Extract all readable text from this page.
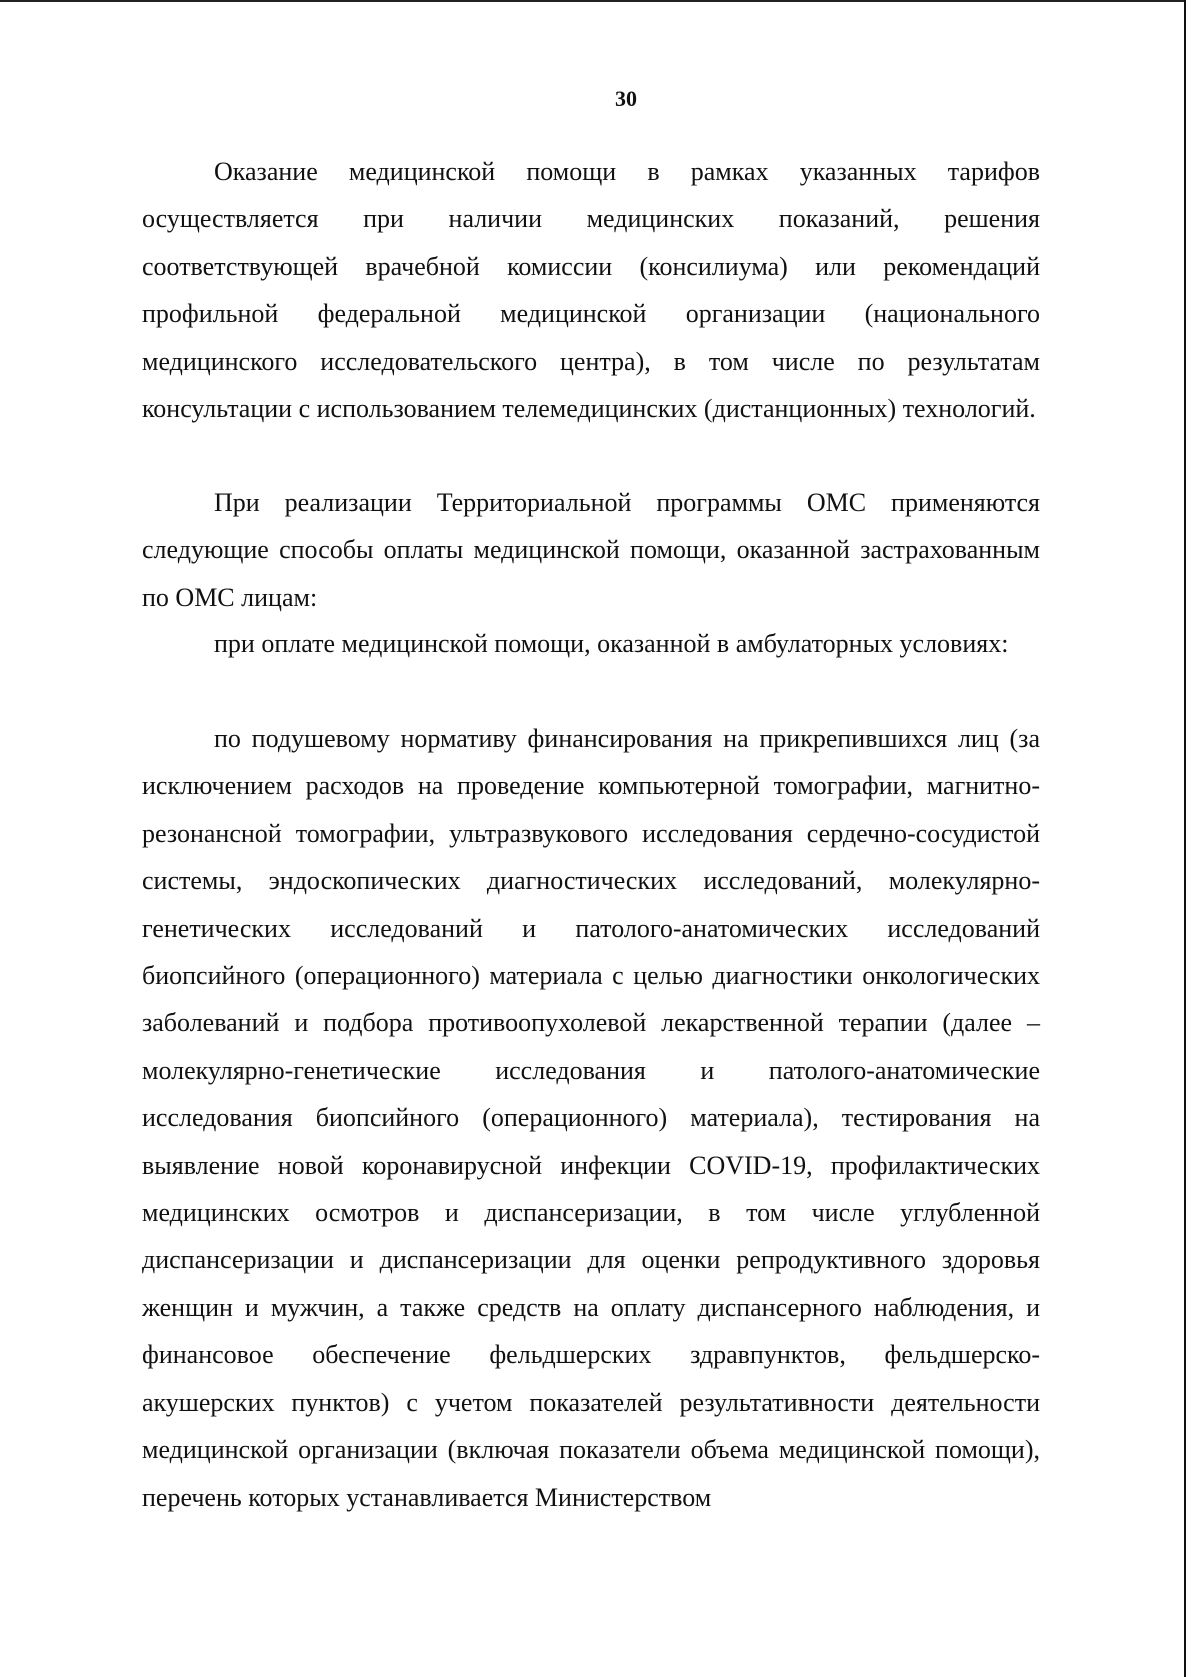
30

Оказание медицинской помощи в рамках указанных тарифов осуществляется при наличии медицинских показаний, решения соответствующей врачебной комиссии (консилиума) или рекомендаций профильной федеральной медицинской организации (национального медицинского исследовательского центра), в том числе по результатам консультации с использованием телемедицинских (дистанционных) технологий.

При реализации Территориальной программы ОМС применяются следующие способы оплаты медицинской помощи, оказанной застрахованным по ОМС лицам:

при оплате медицинской помощи, оказанной в амбулаторных условиях:

по подушевому нормативу финансирования на прикрепившихся лиц (за исключением расходов на проведение компьютерной томографии, магнитно-резонансной томографии, ультразвукового исследования сердечно-сосудистой системы, эндоскопических диагностических исследований, молекулярно-генетических исследований и патолого-анатомических исследований биопсийного (операционного) материала с целью диагностики онкологических заболеваний и подбора противоопухолевой лекарственной терапии (далее – молекулярно-генетические исследования и патолого-анатомические исследования биопсийного (операционного) материала), тестирования на выявление новой коронавирусной инфекции COVID-19, профилактических медицинских осмотров и диспансеризации, в том числе углубленной диспансеризации и диспансеризации для оценки репродуктивного здоровья женщин и мужчин, а также средств на оплату диспансерного наблюдения, и финансовое обеспечение фельдшерских здравпунктов, фельдшерско-акушерских пунктов) с учетом показателей результативности деятельности медицинской организации (включая показатели объема медицинской помощи), перечень которых устанавливается Министерством
